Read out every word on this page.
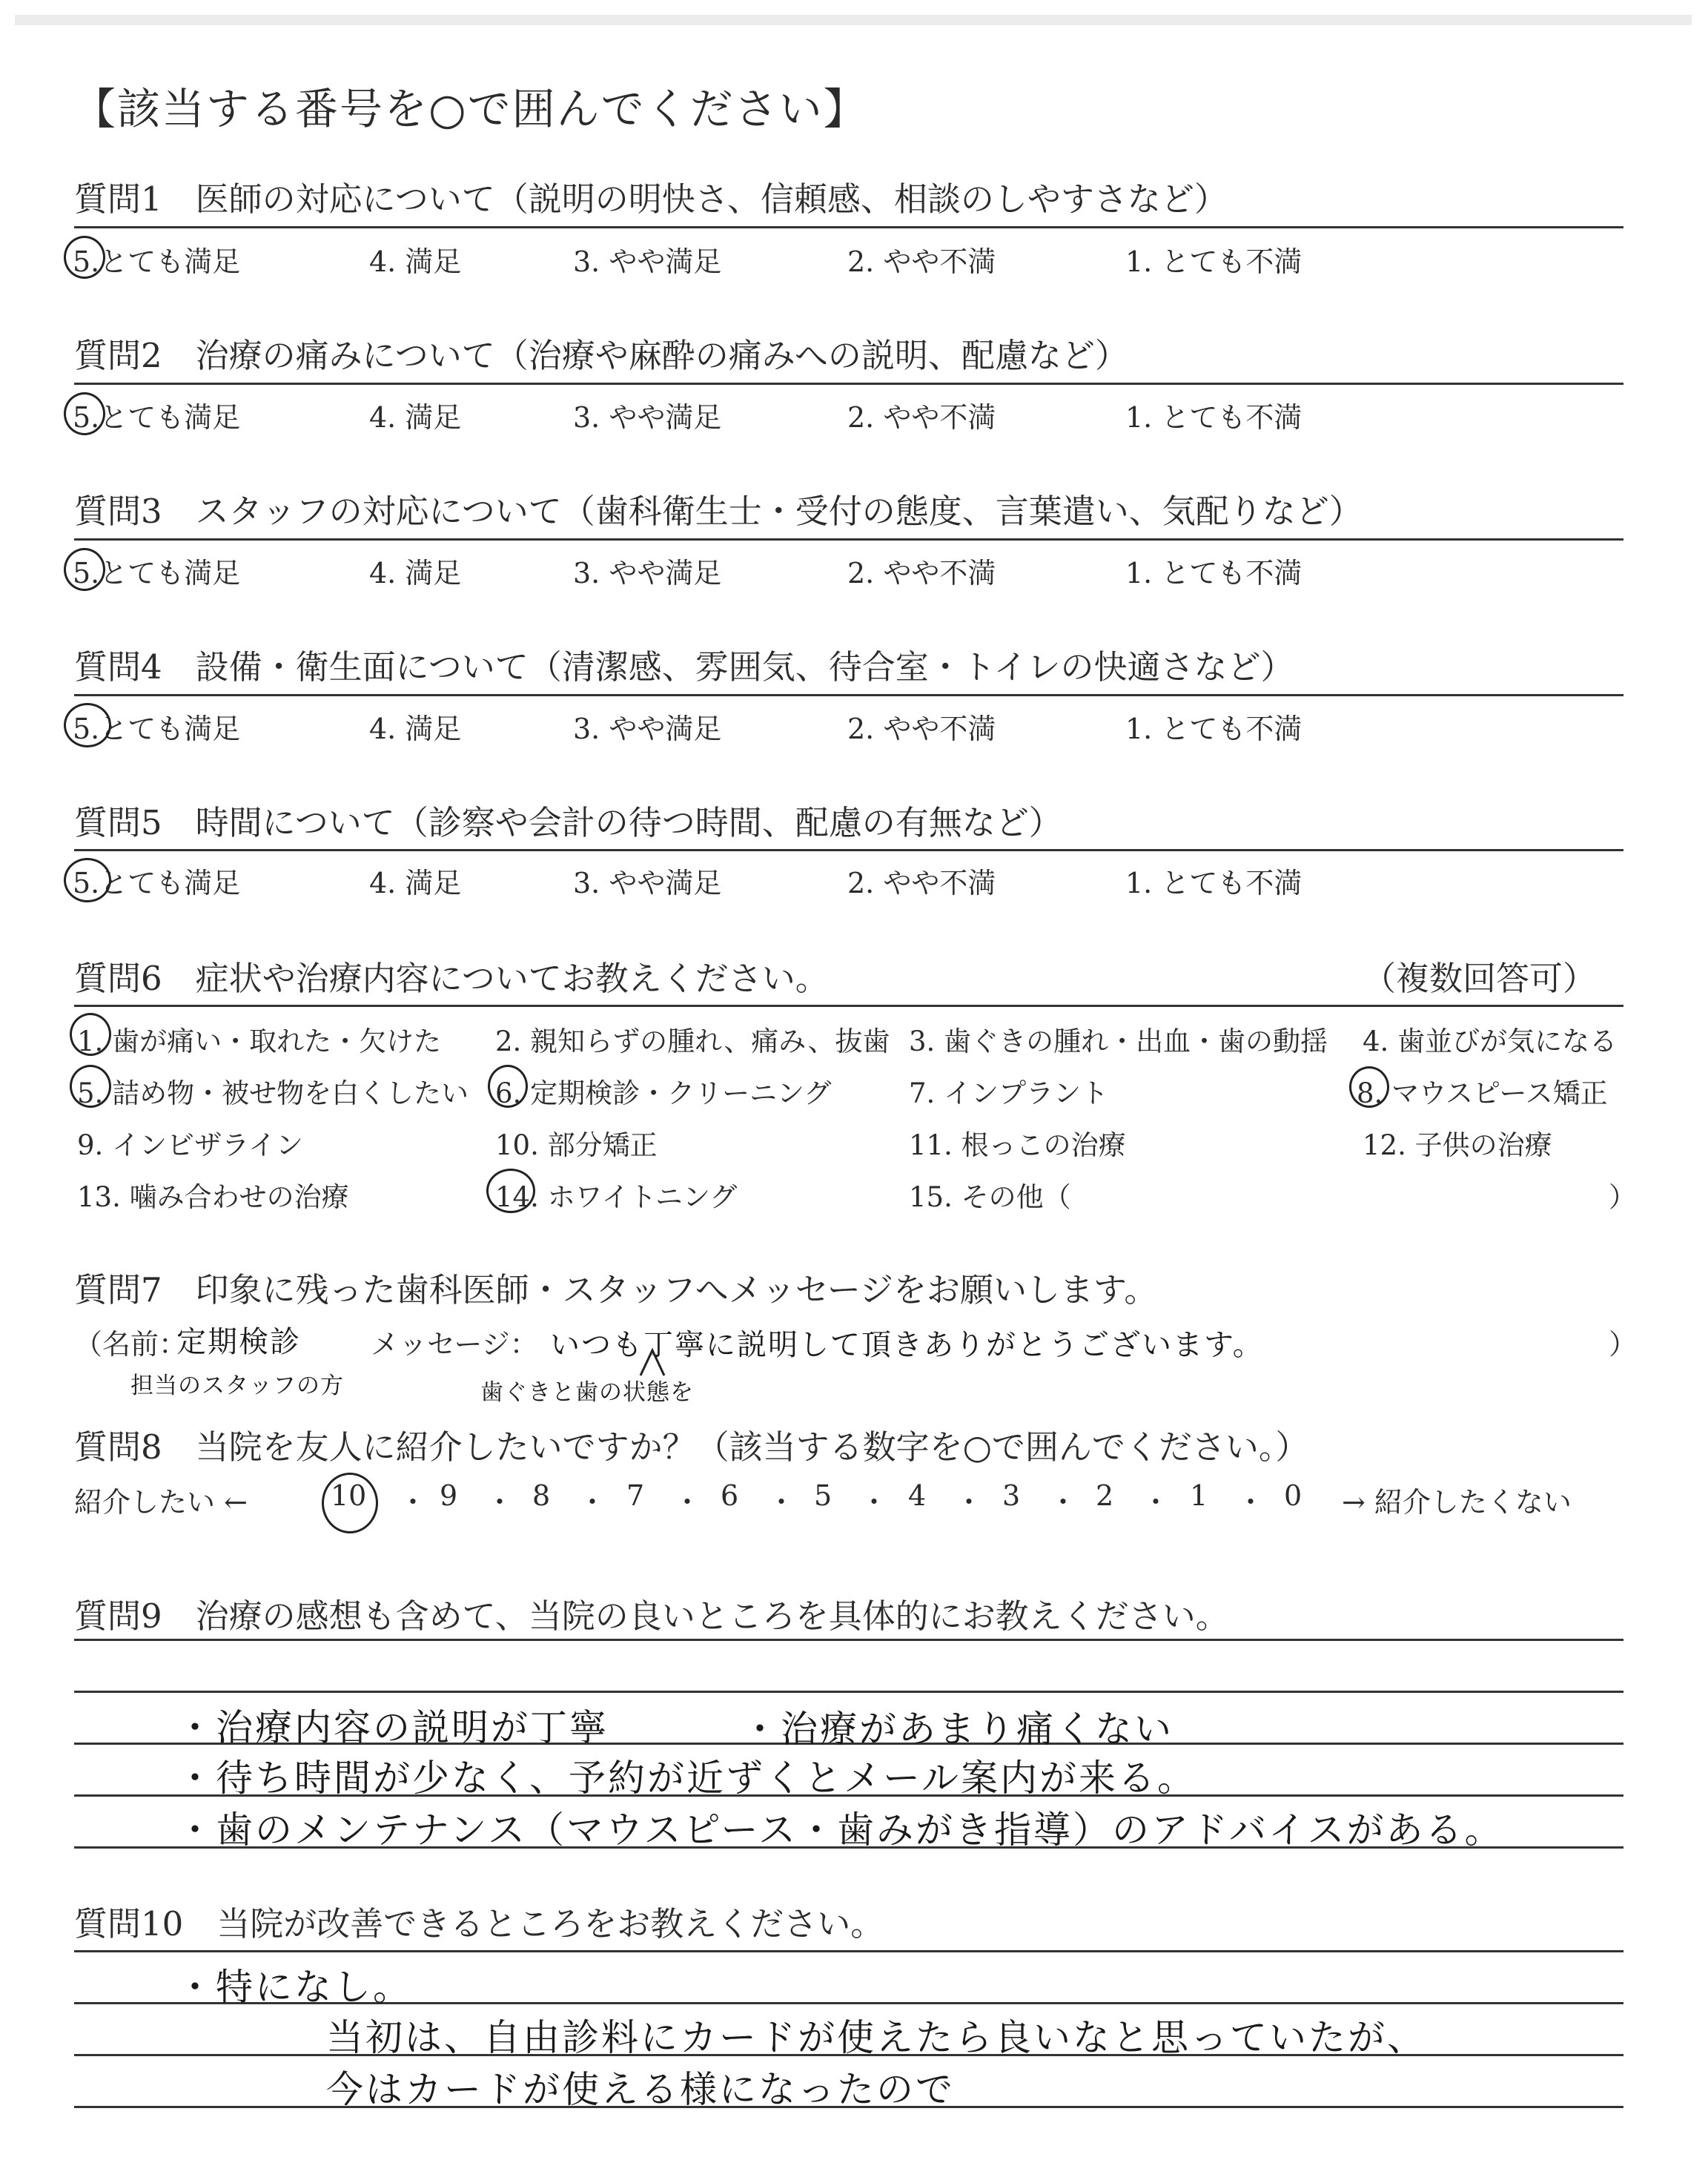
【該当する番号を○で囲んでください】
質問1　医師の対応について（説明の明快さ、信頼感、相談のしやすさなど）
5.とても満足	4. 満足	3. やや満足	2. やや不満	1. とても不満
質問2　治療の痛みについて（治療や麻酔の痛みへの説明、配慮など）
5.とても満足	4. 満足	3. やや満足	2. やや不満	1. とても不満
質問3　スタッフの対応について（歯科衛生士・受付の態度、言葉遣い、気配りなど）
5.とても満足	4. 満足	3. やや満足	2. やや不満	1. とても不満
質問4　設備・衛生面について（清潔感、雰囲気、待合室・トイレの快適さなど）
5.とても満足	4. 満足	3. やや満足	2. やや不満	1. とても不満
質問5　時間について（診察や会計の待つ時間、配慮の有無など）
5.とても満足	4. 満足	3. やや満足	2. やや不満	1. とても不満
質問6　症状や治療内容についてお教えください。	（複数回答可）
1. 歯が痛い・取れた・欠けた 2. 親知らずの腫れ、痛み、抜歯 3. 歯ぐきの腫れ・出血・歯の動揺 4. 歯並びが気になる
5. 詰め物・被せ物を白くしたい 6. 定期検診・クリーニング	7. インプラント	8. マウスピース矯正
9. インビザライン	10. 部分矯正	11. 根っこの治療	12. 子供の治療
13. 噛み合わせの治療	14. ホワイトニング	15. その他（	）
質問7　印象に残った歯科医師・スタッフへメッセージをお願いします。
（名前：
定期検診 メッセージ： いつも丁寧に説明して頂きありがとうございます。	）
担当のスタッフの方	歯ぐきと歯の状態を
質問8　当院を友人に紹介したいですか？（該当する数字を○で囲んでください。）
紹介したい ←	10 ・ 9 ・ 8 ・ 7 ・ 6 ・ 5 ・ 4 ・ 3 ・ 2 ・ 1 ・ 0 → 紹介したくない
質問9　治療の感想も含めて、当院の良いところを具体的にお教えください。
・治療内容の説明が丁寧	・治療があまり痛くない
・待ち時間が少なく、予約が近ずくとメール案内が来る。
・歯のメンテナンス（マウスピース・歯みがき指導）のアドバイスがある。
質問10　当院が改善できるところをお教えください。
・特になし。
当初は、自由診料にカードが使えたら良いなと思っていたが、
今はカードが使える様になったので
